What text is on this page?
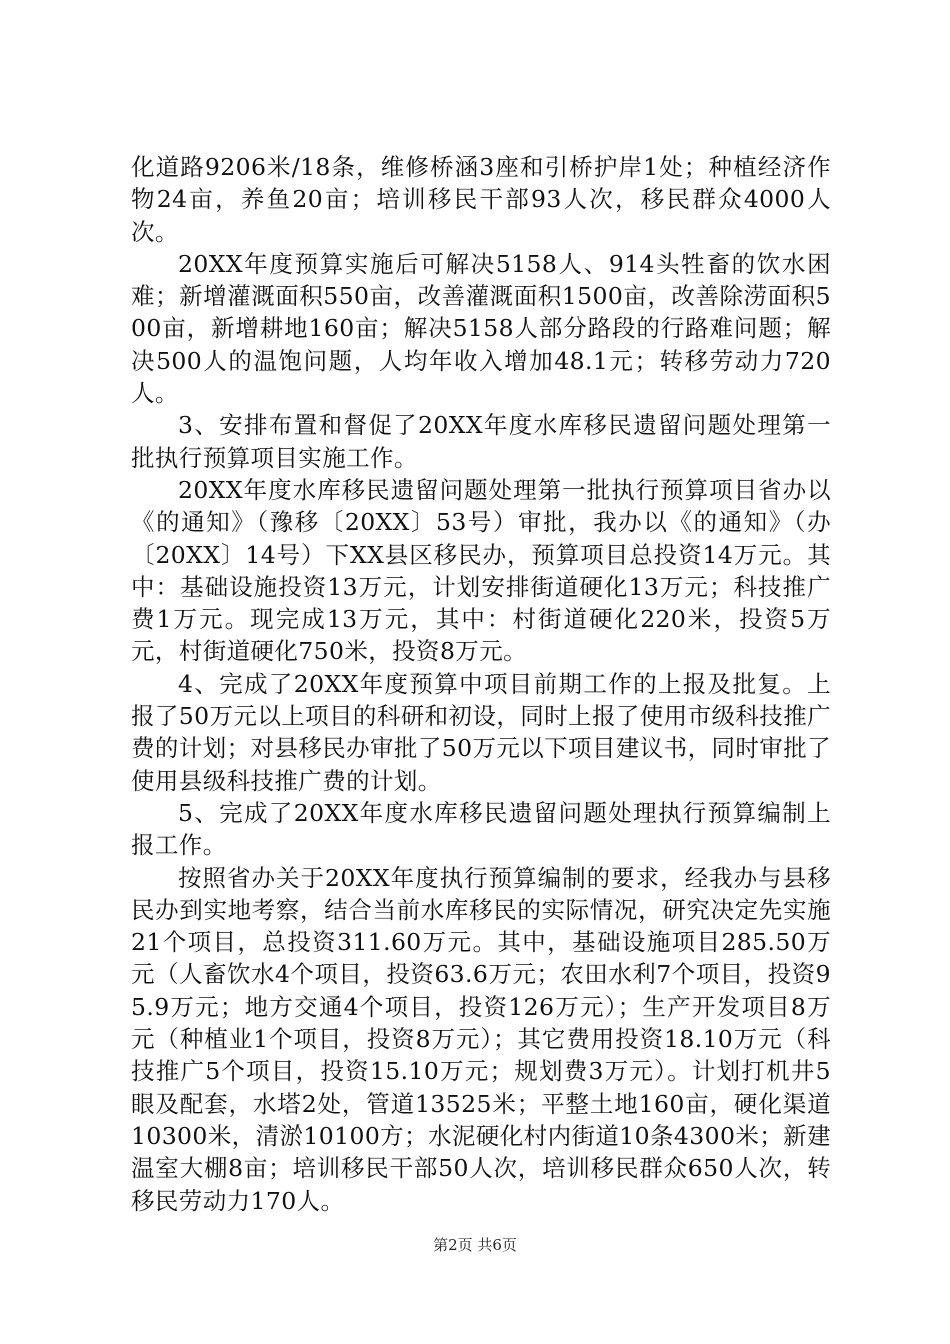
化道路9206米/18条，维修桥涵3座和引桥护岸1处；种植经济作物24亩，养鱼20亩；培训移民干部93人次，移民群众4000人次。

20XX年度预算实施后可解决5158人、914头牲畜的饮水困难；新增灌溉面积550亩，改善灌溉面积1500亩，改善除涝面积500亩，新增耕地160亩；解决5158人部分路段的行路难问题；解决500人的温饱问题，人均年收入增加48.1元；转移劳动力720人。

3、安排布置和督促了20XX年度水库移民遗留问题处理第一批执行预算项目实施工作。

20XX年度水库移民遗留问题处理第一批执行预算项目省办以《的通知》（豫移〔20XX〕53号）审批，我办以《的通知》（办〔20XX〕14号）下XX县区移民办，预算项目总投资14万元。其中：基础设施投资13万元，计划安排街道硬化13万元；科技推广费1万元。现完成13万元，其中：村街道硬化220米，投资5万元，村街道硬化750米，投资8万元。

4、完成了20XX年度预算中项目前期工作的上报及批复。上报了50万元以上项目的科研和初设，同时上报了使用市级科技推广费的计划；对县移民办审批了50万元以下项目建议书，同时审批了使用县级科技推广费的计划。

5、完成了20XX年度水库移民遗留问题处理执行预算编制上报工作。

按照省办关于20XX年度执行预算编制的要求，经我办与县移民办到实地考察，结合当前水库移民的实际情况，研究决定先实施21个项目，总投资311.60万元。其中，基础设施项目285.50万元（人畜饮水4个项目，投资63.6万元；农田水利7个项目，投资95.9万元；地方交通4个项目，投资126万元）；生产开发项目8万元（种植业1个项目，投资8万元）；其它费用投资18.10万元（科技推广5个项目，投资15.10万元；规划费3万元）。计划打机井5眼及配套，水塔2处，管道13525米；平整土地160亩，硬化渠道10300米，清淤10100方；水泥硬化村内街道10条4300米；新建温室大棚8亩；培训移民干部50人次，培训移民群众650人次，转移民劳动力170人。

第2页 共6页
